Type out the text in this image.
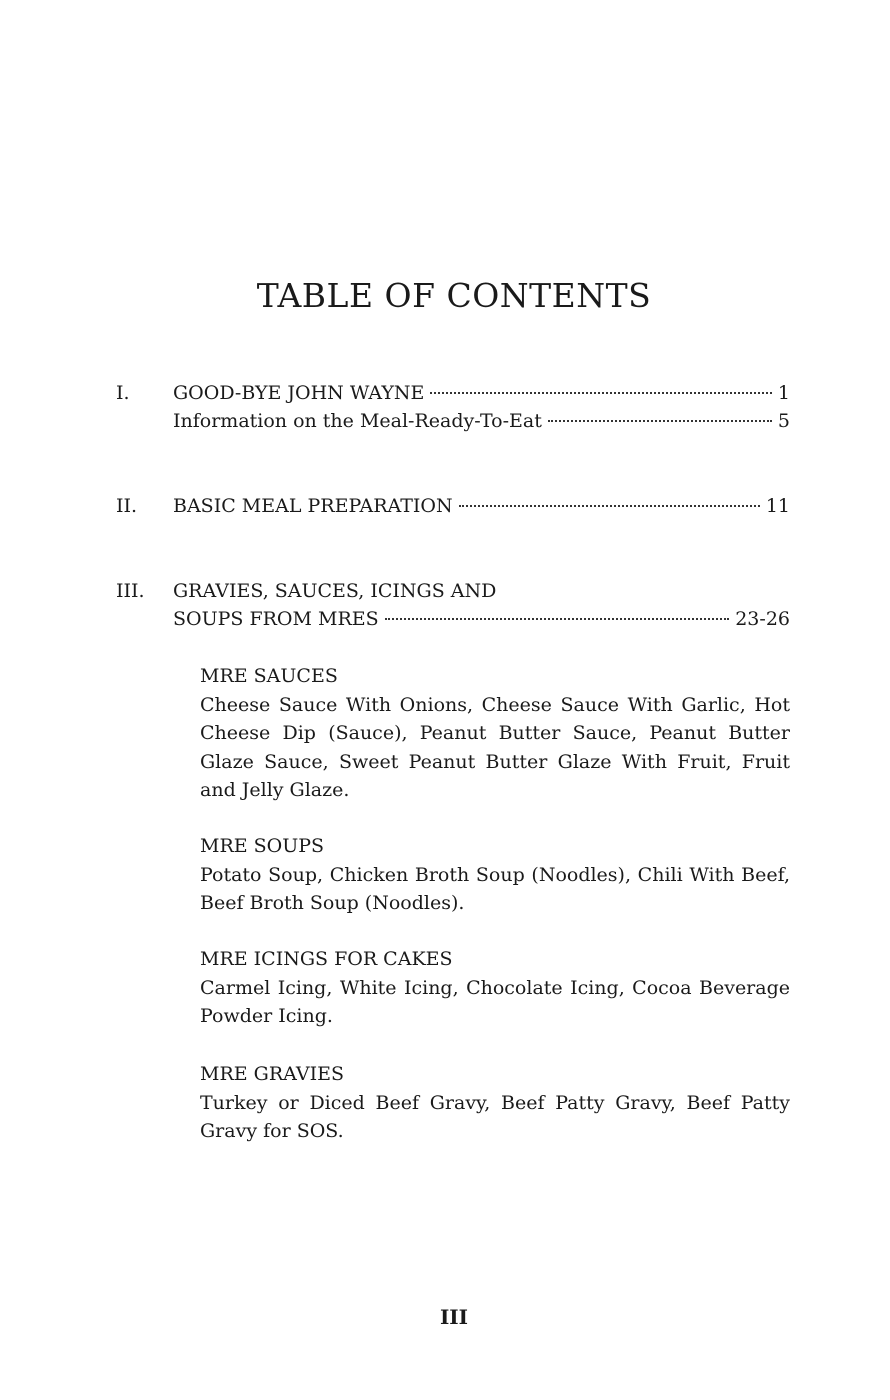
TABLE OF CONTENTS
I.	GOOD-BYE JOHN WAYNE	1
Information on the Meal-Ready-To-Eat	5
II.	BASIC MEAL PREPARATION	11
III.	GRAVIES, SAUCES, ICINGS AND
SOUPS FROM MRES	23-26
MRE SAUCES
Cheese Sauce With Onions, Cheese Sauce With Garlic, Hot Cheese Dip (Sauce), Peanut Butter Sauce, Peanut Butter Glaze Sauce, Sweet Peanut Butter Glaze With Fruit, Fruit and Jelly Glaze.
MRE SOUPS
Potato Soup, Chicken Broth Soup (Noodles), Chili With Beef, Beef Broth Soup (Noodles).
MRE ICINGS FOR CAKES
Carmel Icing, White Icing, Chocolate Icing, Cocoa Beverage Powder Icing.
MRE GRAVIES
Turkey or Diced Beef Gravy, Beef Patty Gravy, Beef Patty Gravy for SOS.
III
